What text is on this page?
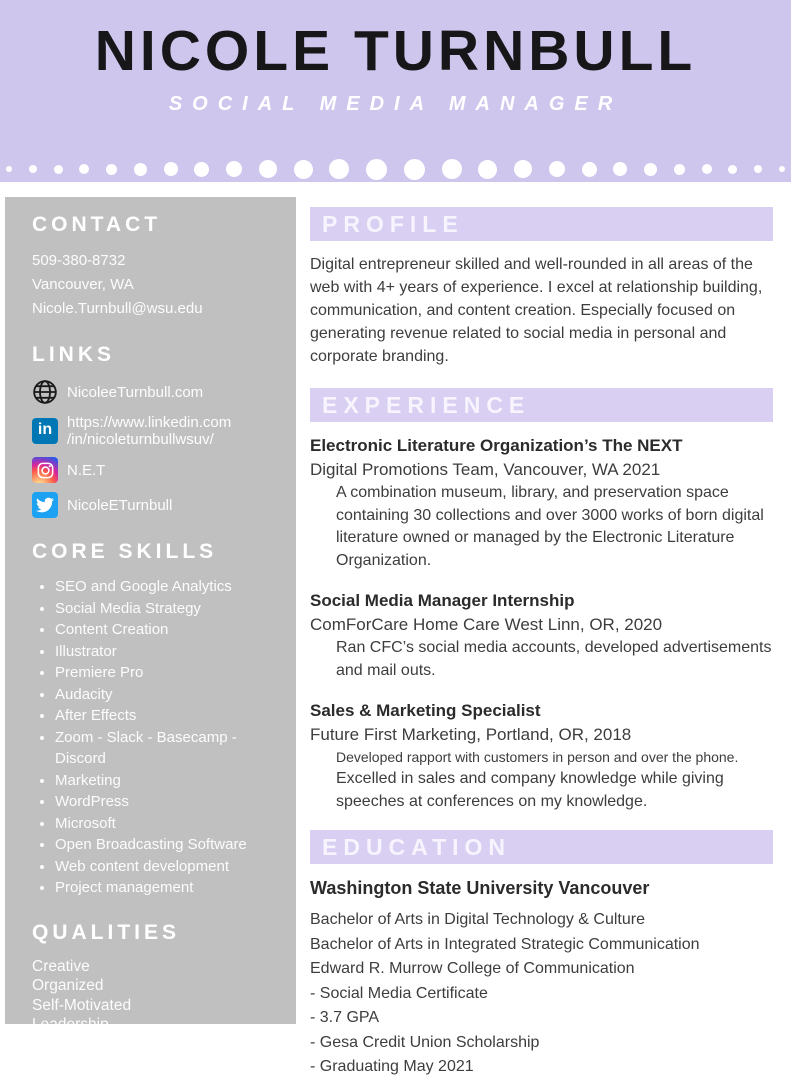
NICOLE TURNBULL
SOCIAL MEDIA MANAGER
CONTACT
509-380-8732
Vancouver, WA
Nicole.Turnbull@wsu.edu
LINKS
NicoleeTurnbull.com
in https://www.linkedin.com
/in/nicoleturnbullwsuv/
N.E.T
NicoleETurnbull
CORE SKILLS
• SEO and Google Analytics
• Social Media Strategy
• Content Creation
• Illustrator
• Premiere Pro
• Audacity
• After Effects
• Zoom - Slack - Basecamp - Discord
• Marketing
• WordPress
• Microsoft
• Open Broadcasting Software
• Web content development
• Project management
QUALITIES
Creative
Organized
Self-Motivated
Leadership
Entrepreneurial
PROFILE

Digital entrepreneur skilled and well-rounded in all areas of the web with 4+ years of experience. I excel at relationship building, communication, and content creation. Especially focused on generating revenue related to social media in personal and corporate branding.

EXPERIENCE
Electronic Literature Organization’s The NEXT
Digital Promotions Team, Vancouver, WA 2021
A combination museum, library, and preservation space containing 30 collections and over 3000 works of born digital literature owned or managed by the Electronic Literature Organization.
Social Media Manager Internship
ComForCare Home Care West Linn, OR, 2020
Ran CFC’s social media accounts, developed advertisements and mail outs.
Sales & Marketing Specialist
Future First Marketing, Portland, OR, 2018
Developed rapport with customers in person and over the phone.
Excelled in sales and company knowledge while giving speeches at conferences on my knowledge.
EDUCATION
Washington State University Vancouver
Bachelor of Arts in Digital Technology & Culture
Bachelor of Arts in Integrated Strategic Communication
Edward R. Murrow College of Communication
- Social Media Certificate
- 3.7 GPA
- Gesa Credit Union Scholarship
- Graduating May 2021
